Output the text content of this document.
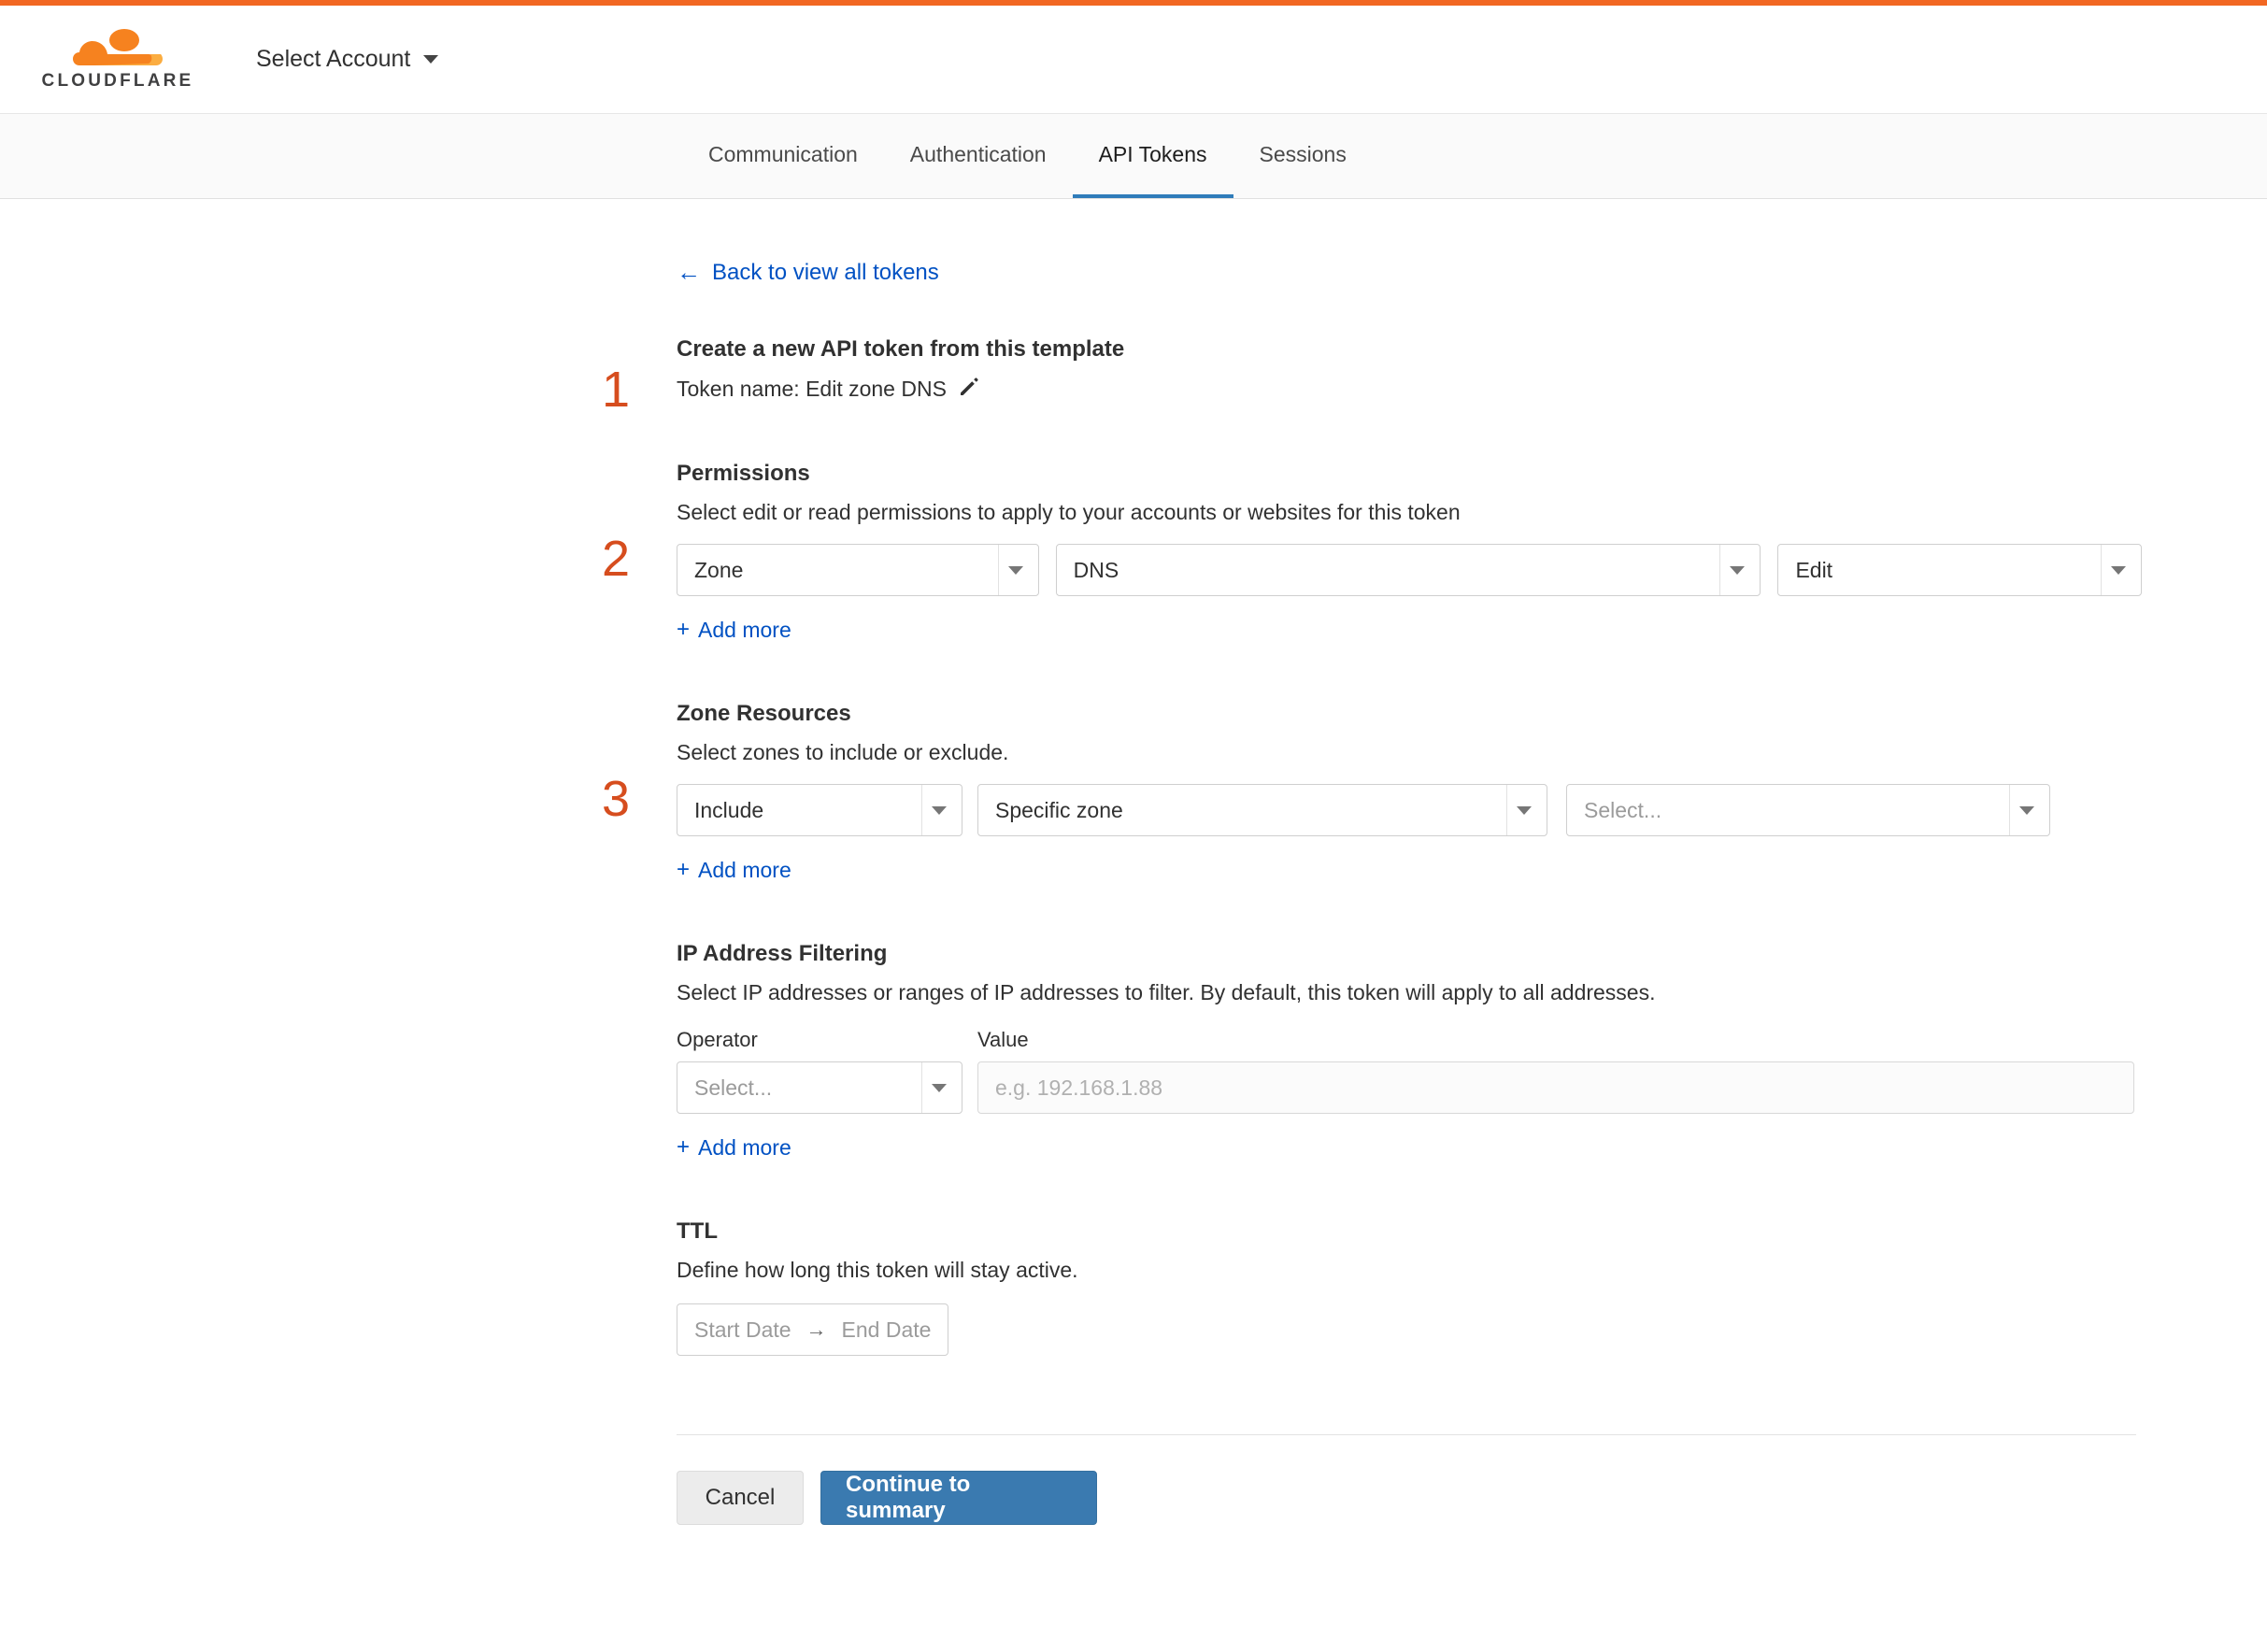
CLOUDFLARE
Select Account
Communication Authentication API Tokens Sessions
← Back to view all tokens
1
Create a new API token from this template
Token name: Edit zone DNS
2
Permissions

Select edit or read permissions to apply to your accounts or websites for this token

Zone	DNS	Edit
+ Add more
3
Zone Resources

Select zones to include or exclude.

Include	Specific zone	Select...
+ Add more
IP Address Filtering

Select IP addresses or ranges of IP addresses to filter. By default, this token will apply to all addresses.

Operator	Value
Select...	e.g. 192.168.1.88
+ Add more
TTL

Define how long this token will stay active.

Start Date → End Date
Cancel
Continue to summary
